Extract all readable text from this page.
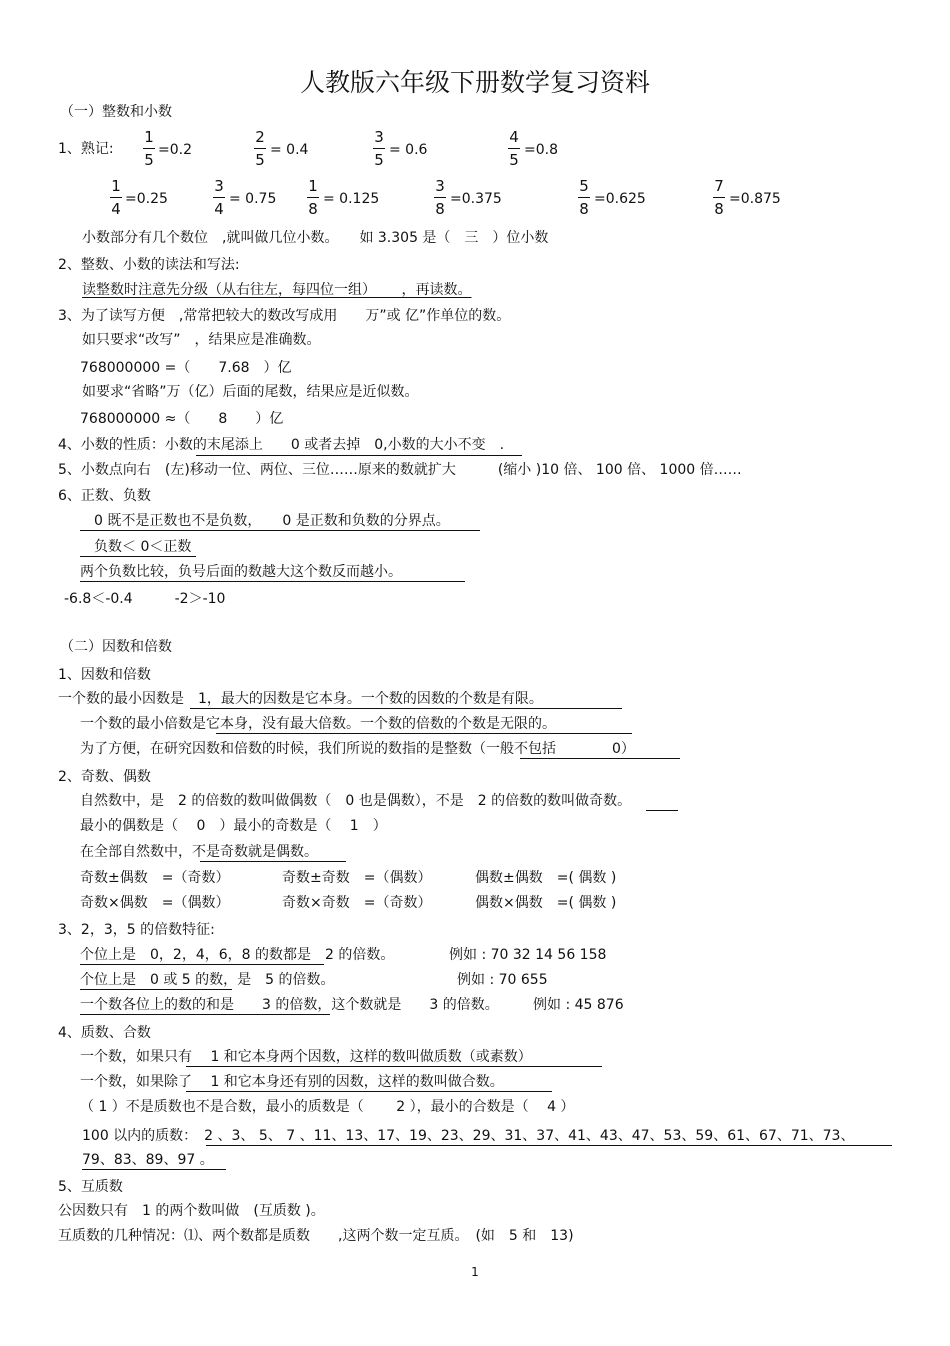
人教版六年级下册数学复习资料
（一）整数和小数
1、熟记:
1
5
=0.2
2
5
= 0.4
3
5
= 0.6
4
5
=0.8
1
4
=0.25
3
4
= 0.75
1
8
= 0.125
3
8
=0.375
5
8
=0.625
7
8
=0.875
小数部分有几个数位　,就叫做几位小数。　　如 3.305 是（　三　）位小数
2、整数、小数的读法和写法:
读整数时注意先分级（从右往左，每四位一组）　　 ，再读数。
3、为了读写方便　,常常把较大的数改写成用　　万”或 亿”作单位的数。
如只要求“改写”　，结果应是准确数。
768000000 =（　　7.68　）亿
如要求“省略”万（亿）后面的尾数，结果应是近似数。
768000000 ≈（　　8　　）亿
4、小数的性质：小数的末尾添上　　0 或者去掉　0,小数的大小不变　.
5、小数点向右　(左)移动一位、两位、三位……原来的数就扩大　　　(缩小 )10 倍、 100 倍、 1000 倍……
6、正数、负数
　0 既不是正数也不是负数，　　0 是正数和负数的分界点。
　负数＜ 0＜正数
两个负数比较，负号后面的数越大这个数反而越小。
-6.8＜-0.4　　　-2＞-10
（二）因数和倍数
1、因数和倍数
一个数的最小因数是　1，最大的因数是它本身。一个数的因数的个数是有限。
一个数的最小倍数是它本身，没有最大倍数。一个数的倍数的个数是无限的。
为了方便，在研究因数和倍数的时候，我们所说的数指的是整数（一般不包括　　　　0）
2、奇数、偶数
自然数中，是　2 的倍数的数叫做偶数（　0 也是偶数），不是　2 的倍数的数叫做奇数。
最小的偶数是（　 0　）最小的奇数是（　 1　）
在全部自然数中，不是奇数就是偶数。
奇数±偶数　=（奇数）	奇数±奇数　=（偶数）	偶数±偶数　=( 偶数 )
奇数×偶数　=（偶数）	奇数×奇数　=（奇数）	偶数×偶数　=( 偶数 )
3、2，3，5 的倍数特征:
个位上是　0，2，4，6，8 的数都是　2 的倍数。	例如 : 70 32 14 56 158
个位上是　0 或 5 的数，是　5 的倍数。	例如 : 70 655
一个数各位上的数的和是　　3 的倍数，这个数就是　　3 的倍数。 例如 : 45 876
4、质数、合数
一个数，如果只有　 1 和它本身两个因数，这样的数叫做质数（或素数）
一个数，如果除了　 1 和它本身还有别的因数，这样的数叫做合数。
（ 1 ）不是质数也不是合数，最小的质数是（　　 2 ），最小的合数是（　 4 ）
100 以内的质数：　2 、3、 5、 7 、11、13、17、19、23、29、31、37、41、43、47、53、59、61、67、71、73、
79、83、89、97 。
5、互质数
公因数只有　1 的两个数叫做　(互质数 )。
互质数的几种情况：⑴、两个数都是质数　　,这两个数一定互质。　(如　5 和　13)
1
